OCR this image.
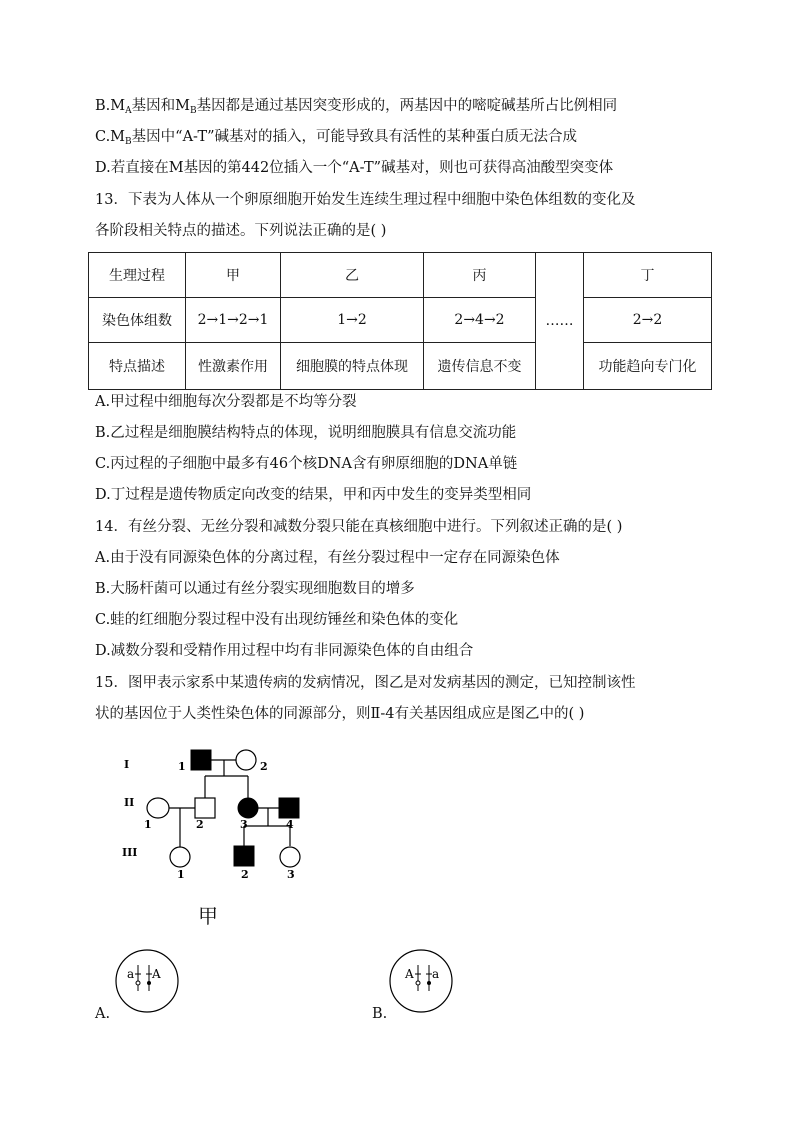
$B.M_A$基因和$M_B$基因都是通过基因突变形成的，两基因中的嘧啶碱基所占比例相同
$C.M_B$基因中“A-T”碱基对的插入，可能导致具有活性的某种蛋白质无法合成
D.若直接在M基因的第442位插入一个“A-T”碱基对，则也可获得高油酸型突变体
13．下表为人体从一个卵原细胞开始发生连续生理过程中细胞中染色体组数的变化及
各阶段相关特点的描述。下列说法正确的是( )
生理过程	甲	乙	丙	……	丁
染色体组数	2→1→2→1	1→2	2→4→2		2→2
特点描述	性激素作用	细胞膜的特点体现	遗传信息不变		功能趋向专门化
A.甲过程中细胞每次分裂都是不均等分裂
B.乙过程是细胞膜结构特点的体现，说明细胞膜具有信息交流功能
C.丙过程的子细胞中最多有46个核DNA含有卵原细胞的DNA单链
D.丁过程是遗传物质定向改变的结果，甲和丙中发生的变异类型相同
14．有丝分裂、无丝分裂和减数分裂只能在真核细胞中进行。下列叙述正确的是( )
A.由于没有同源染色体的分离过程，有丝分裂过程中一定存在同源染色体
B.大肠杆菌可以通过有丝分裂实现细胞数目的增多
C.蛙的红细胞分裂过程中没有出现纺锤丝和染色体的变化
D.减数分裂和受精作用过程中均有非同源染色体的自由组合
15．图甲表示家系中某遗传病的发病情况，图乙是对发病基因的测定，已知控制该性
状的基因位于人类性染色体的同源部分，则Ⅱ-4有关基因组成应是图乙中的( )
I
II
III
1	2
1	2	3	4
1	2	3
甲
a A
A.
A a
B.
